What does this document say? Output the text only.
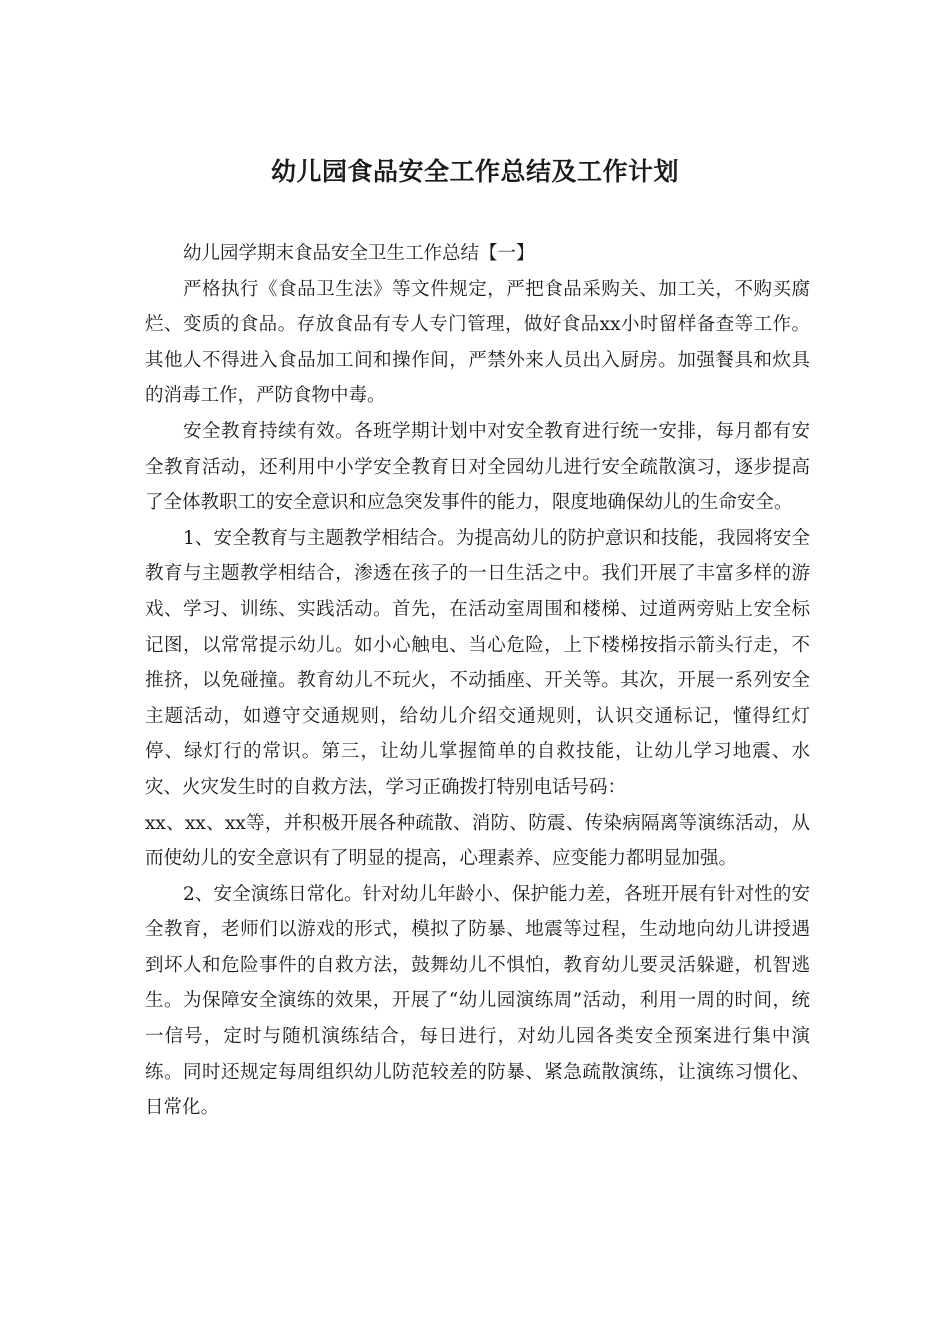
幼儿园食品安全工作总结及工作计划

幼儿园学期末食品安全卫生工作总结【一】

严格执行《食品卫生法》等文件规定，严把食品采购关、加工关，不购买腐烂、变质的食品。存放食品有专人专门管理，做好食品xx小时留样备查等工作。其他人不得进入食品加工间和操作间，严禁外来人员出入厨房。加强餐具和炊具的消毒工作，严防食物中毒。

安全教育持续有效。各班学期计划中对安全教育进行统一安排，每月都有安全教育活动，还利用中小学安全教育日对全园幼儿进行安全疏散演习，逐步提高了全体教职工的安全意识和应急突发事件的能力，限度地确保幼儿的生命安全。

1、安全教育与主题教学相结合。为提高幼儿的防护意识和技能，我园将安全教育与主题教学相结合，渗透在孩子的一日生活之中。我们开展了丰富多样的游戏、学习、训练、实践活动。首先，在活动室周围和楼梯、过道两旁贴上安全标记图，以常常提示幼儿。如小心触电、当心危险，上下楼梯按指示箭头行走，不推挤，以免碰撞。教育幼儿不玩火，不动插座、开关等。其次，开展一系列安全主题活动，如遵守交通规则，给幼儿介绍交通规则，认识交通标记，懂得红灯停、绿灯行的常识。第三，让幼儿掌握简单的自救技能，让幼儿学习地震、水灾、火灾发生时的自救方法，学习正确拨打特别电话号码：

xx、xx、xx等，并积极开展各种疏散、消防、防震、传染病隔离等演练活动，从而使幼儿的安全意识有了明显的提高，心理素养、应变能力都明显加强。

2、安全演练日常化。针对幼儿年龄小、保护能力差，各班开展有针对性的安全教育，老师们以游戏的形式，模拟了防暴、地震等过程，生动地向幼儿讲授遇到坏人和危险事件的自救方法，鼓舞幼儿不惧怕，教育幼儿要灵活躲避，机智逃生。为保障安全演练的效果，开展了“幼儿园演练周”活动，利用一周的时间，统一信号，定时与随机演练结合，每日进行，对幼儿园各类安全预案进行集中演练。同时还规定每周组织幼儿防范较差的防暴、紧急疏散演练，让演练习惯化、日常化。
